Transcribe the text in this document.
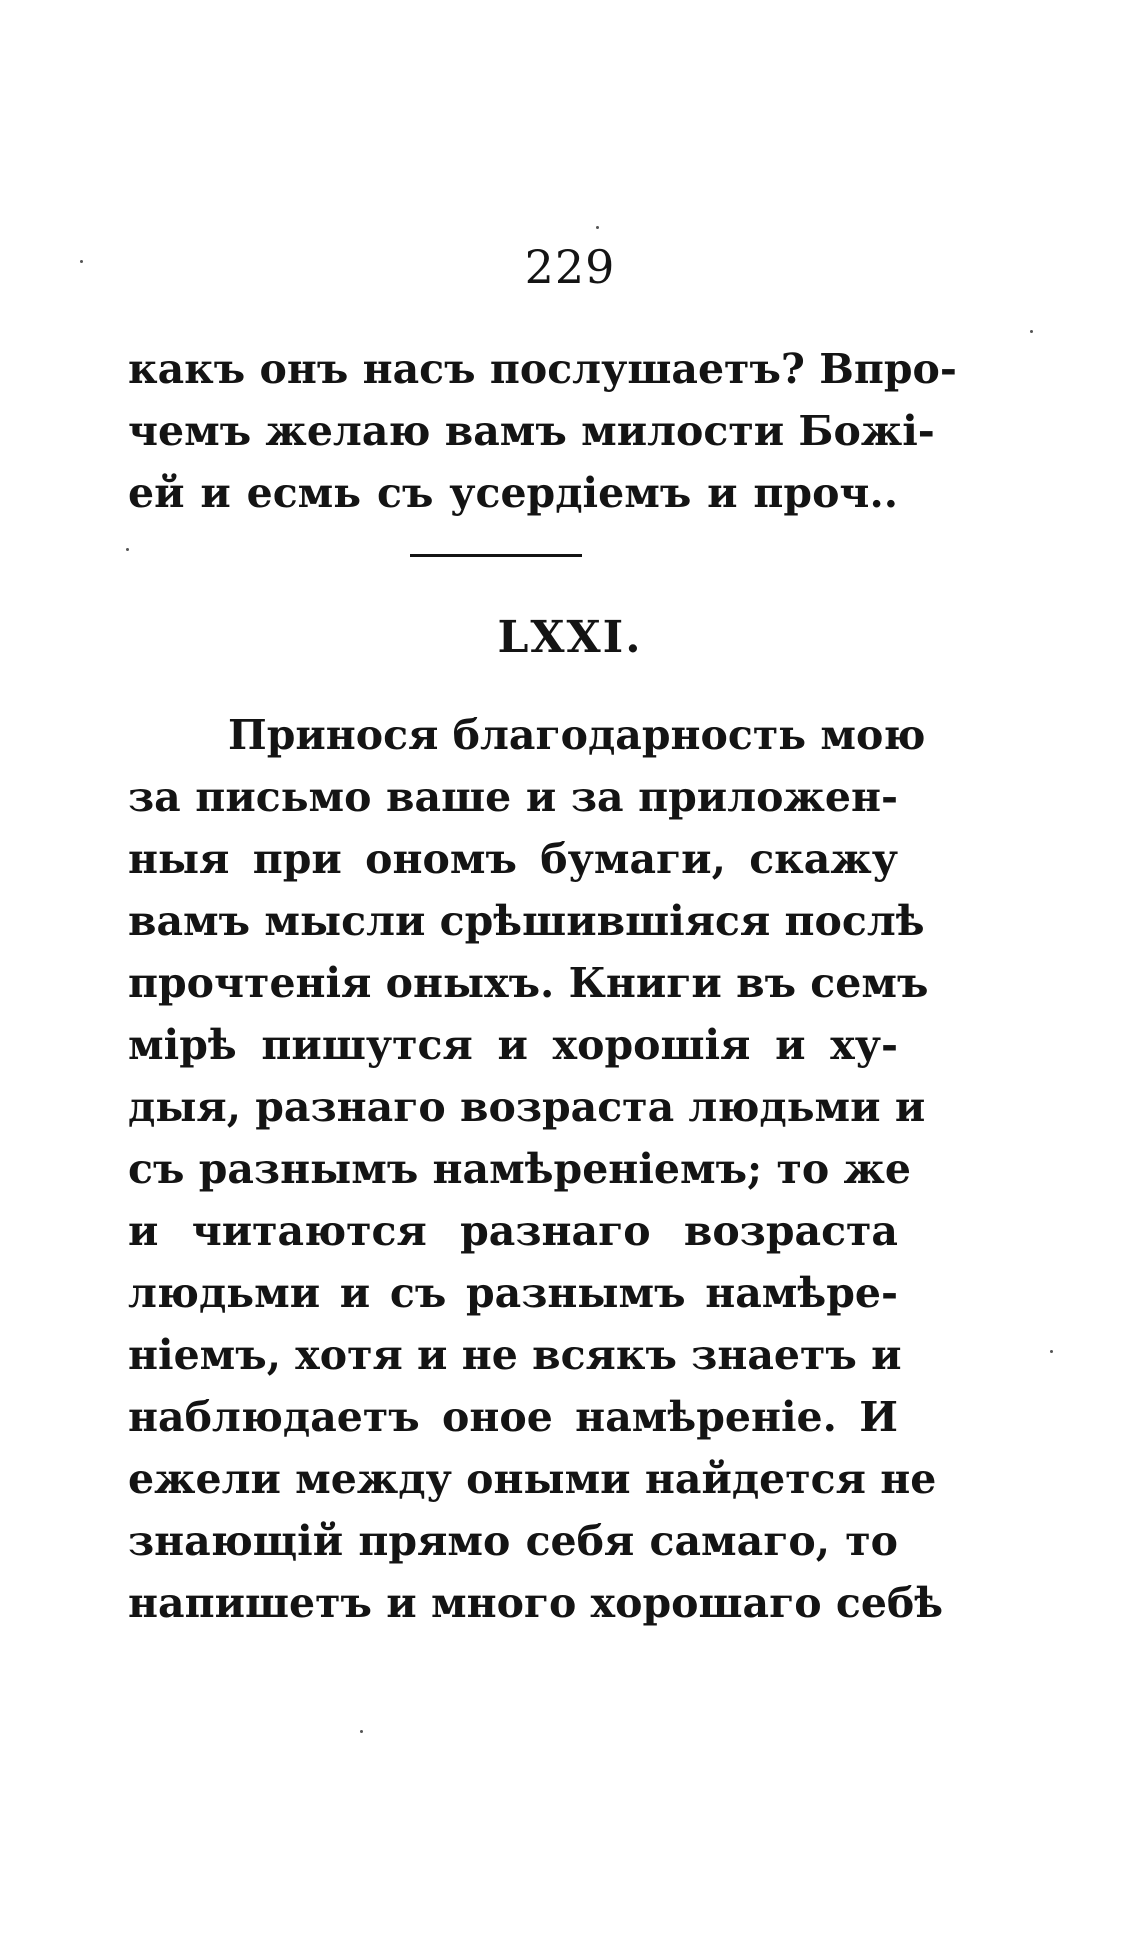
229
какъ онъ насъ послушаетъ? Впро-
чемъ желаю вамъ милости Божі-
ей и есмь съ усердіемъ и проч..
LXXI.
Принося благодарность мою
за письмо ваше и за приложен-
ныя при ономъ бумаги, скажу
вамъ мысли срѣшившіяся послѣ
прочтенія оныхъ. Книги въ семъ
мірѣ пишутся и хорошія и ху-
дыя, разнаго возраста людьми и
съ разнымъ намѣреніемъ; то же
и читаются разнаго возраста
людьми и съ разнымъ намѣре-
ніемъ, хотя и не всякъ знаетъ и
наблюдаетъ оное намѣреніе. И
ежели между оными найдется не
знающій прямо себя самаго, то
напишетъ и много хорошаго себѣ
